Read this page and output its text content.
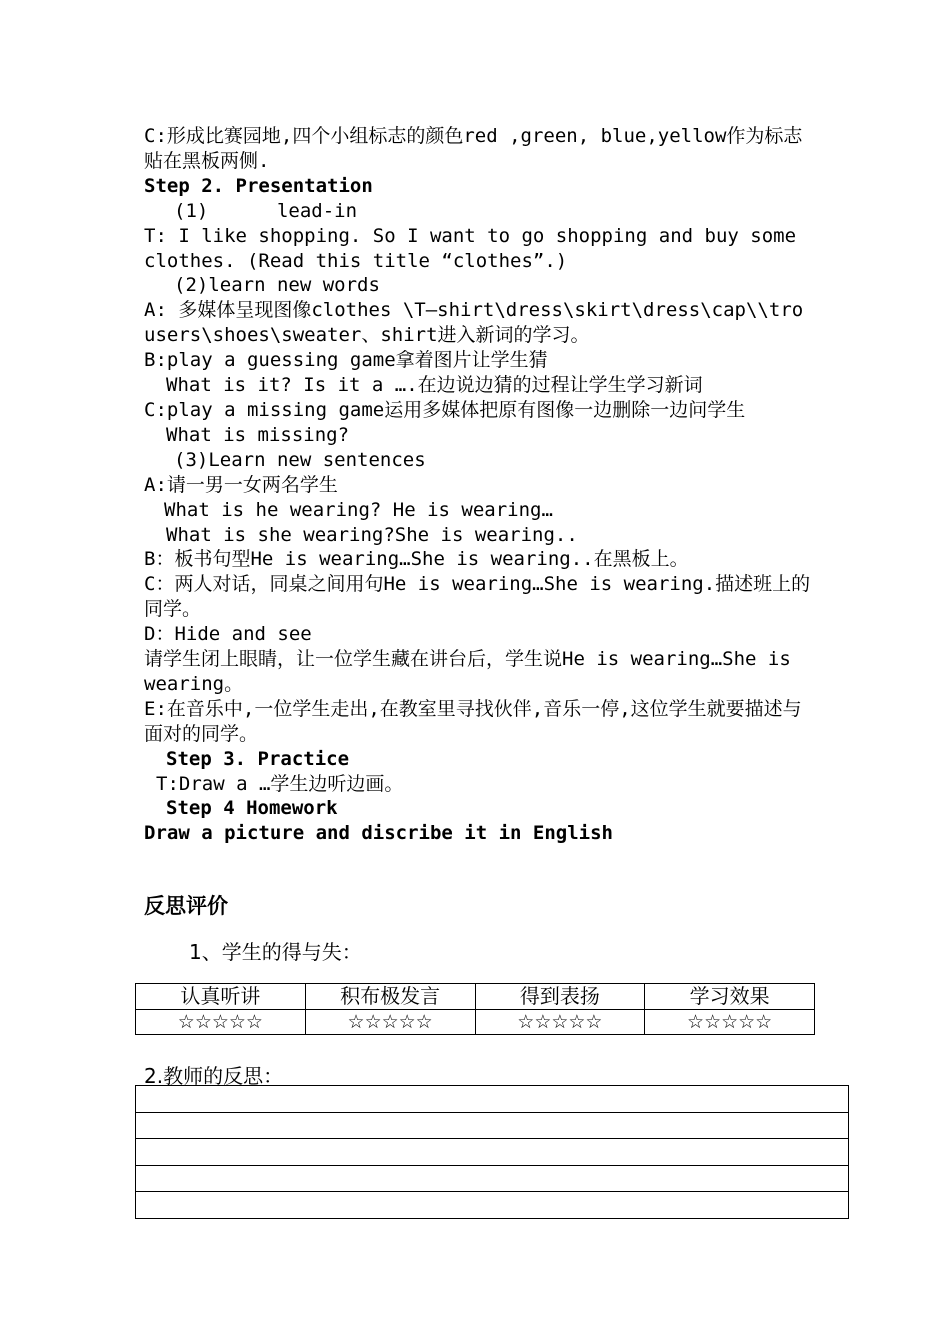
C:形成比赛园地,四个小组标志的颜色red ,green, blue,yellow作为标志贴在黑板两侧.
Step 2. Presentation
(1)      lead-in
T: I like shopping. So I want to go shopping and buy some clothes. (Read this title “clothes”.)
(2)learn new words
A: 多媒体呈现图像clothes \T—shirt\dress\skirt\dress\cap\\trousers\shoes\sweater、shirt进入新词的学习。
B:play a guessing game拿着图片让学生猜
What is it? Is it a ….在边说边猜的过程让学生学习新词
C:play a missing game运用多媒体把原有图像一边删除一边问学生
What is missing?
(3)Learn new sentences
A:请一男一女两名学生
What is he wearing? He is wearing…
What is she wearing?She is wearing..
B：板书句型He is wearing…She is wearing..在黑板上。
C：两人对话，同桌之间用句He is wearing…She is wearing.描述班上的同学。
D：Hide and see
请学生闭上眼睛，让一位学生藏在讲台后，学生说He is wearing…She is wearing。
E:在音乐中,一位学生走出,在教室里寻找伙伴,音乐一停,这位学生就要描述与面对的同学。
Step 3. Practice
T:Draw a …学生边听边画。
Step 4 Homework
Draw a picture and discribe it in English
反思评价
1、学生的得与失：
认真听讲	积布极发言	得到表扬	学习效果
☆☆☆☆☆	☆☆☆☆☆	☆☆☆☆☆	☆☆☆☆☆
2.教师的反思：
